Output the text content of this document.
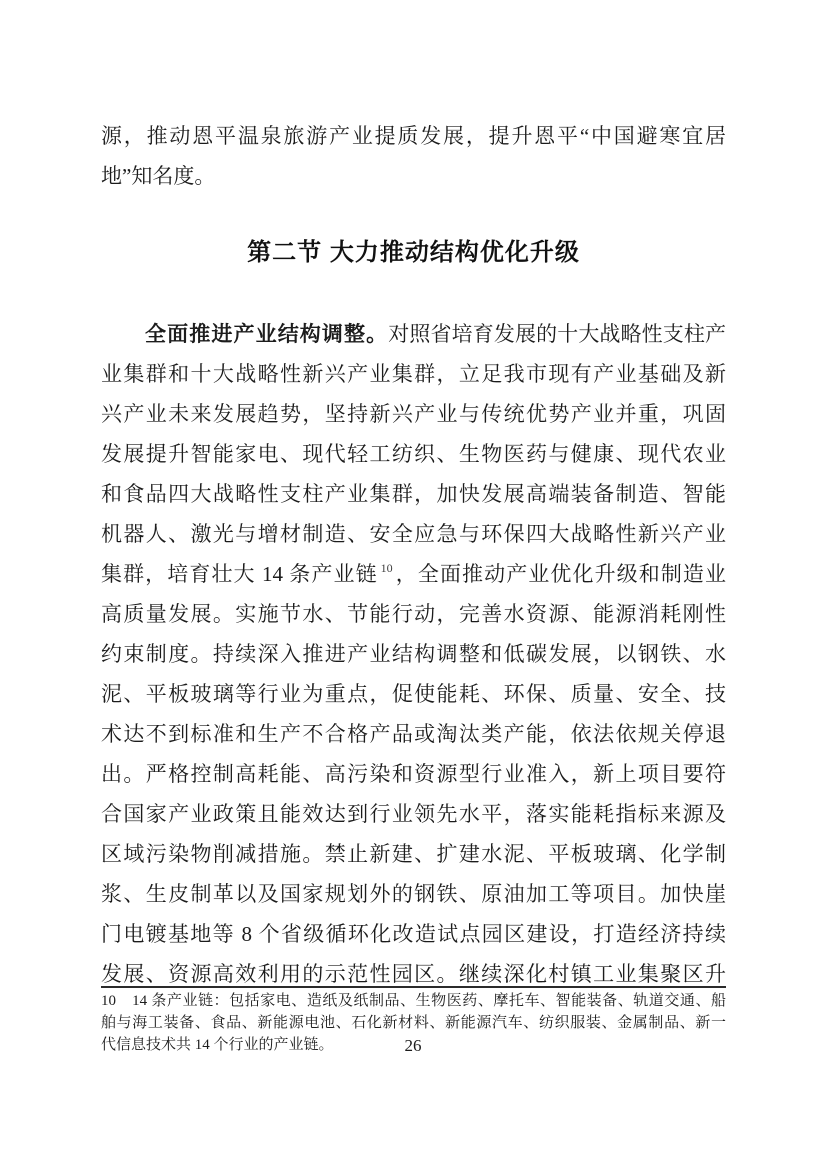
源，推动恩平温泉旅游产业提质发展，提升恩平“中国避寒宜居
地”知名度。
第二节 大力推动结构优化升级
全面推进产业结构调整。对照省培育发展的十大战略性支柱产
业集群和十大战略性新兴产业集群，立足我市现有产业基础及新
兴产业未来发展趋势，坚持新兴产业与传统优势产业并重，巩固
发展提升智能家电、现代轻工纺织、生物医药与健康、现代农业
和食品四大战略性支柱产业集群，加快发展高端装备制造、智能
机器人、激光与增材制造、安全应急与环保四大战略性新兴产业
集群，培育壮大 14 条产业链 $^{10}$，全面推动产业优化升级和制造业
高质量发展。实施节水、节能行动，完善水资源、能源消耗刚性
约束制度。持续深入推进产业结构调整和低碳发展，以钢铁、水
泥、平板玻璃等行业为重点，促使能耗、环保、质量、安全、技
术达不到标准和生产不合格产品或淘汰类产能，依法依规关停退
出。严格控制高耗能、高污染和资源型行业准入，新上项目要符
合国家产业政策且能效达到行业领先水平，落实能耗指标来源及
区域污染物削减措施。禁止新建、扩建水泥、平板玻璃、化学制
浆、生皮制革以及国家规划外的钢铁、原油加工等项目。加快崖
门电镀基地等 8 个省级循环化改造试点园区建设，打造经济持续
发展、资源高效利用的示范性园区。继续深化村镇工业集聚区升
10　14 条产业链：包括家电、造纸及纸制品、生物医药、摩托车、智能装备、轨道交通、船
舶与海工装备、食品、新能源电池、石化新材料、新能源汽车、纺织服装、金属制品、新一
代信息技术共 14 个行业的产业链。	26
